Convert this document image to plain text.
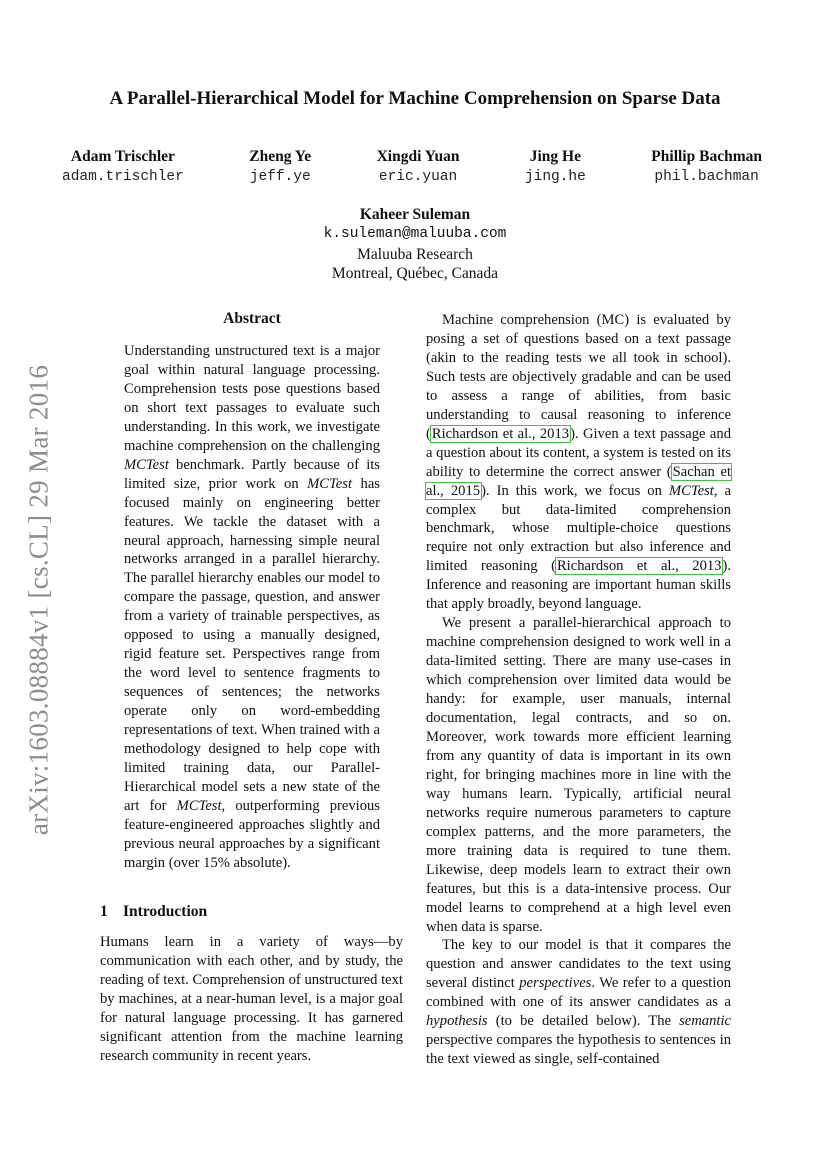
A Parallel-Hierarchical Model for Machine Comprehension on Sparse Data
Adam Trischler
adam.trischler
Zheng Ye
jeff.ye
Xingdi Yuan
eric.yuan
Jing He
jing.he
Phillip Bachman
phil.bachman
Kaheer Suleman
k.suleman@maluuba.com
Maluuba Research
Montreal, Québec, Canada
arXiv:1603.08884v1 [cs.CL] 29 Mar 2016
Abstract
Understanding unstructured text is a major goal within natural language processing. Comprehension tests pose questions based on short text passages to evaluate such understanding. In this work, we investigate machine comprehension on the challenging MCTest benchmark. Partly because of its limited size, prior work on MCTest has focused mainly on engineering better features. We tackle the dataset with a neural approach, harnessing simple neural networks arranged in a parallel hierarchy. The parallel hierarchy enables our model to compare the passage, question, and answer from a variety of trainable perspectives, as opposed to using a manually designed, rigid feature set. Perspectives range from the word level to sentence fragments to sequences of sentences; the networks operate only on word-embedding representations of text. When trained with a methodology designed to help cope with limited training data, our Parallel-Hierarchical model sets a new state of the art for MCTest, outperforming previous feature-engineered approaches slightly and previous neural approaches by a significant margin (over 15% absolute).
1 Introduction
Humans learn in a variety of ways—by communication with each other, and by study, the reading of text. Comprehension of unstructured text by machines, at a near-human level, is a major goal for natural language processing. It has garnered significant attention from the machine learning research community in recent years.

Machine comprehension (MC) is evaluated by posing a set of questions based on a text passage (akin to the reading tests we all took in school). Such tests are objectively gradable and can be used to assess a range of abilities, from basic understanding to causal reasoning to inference (Richardson et al., 2013). Given a text passage and a question about its content, a system is tested on its ability to determine the correct answer (Sachan et al., 2015). In this work, we focus on MCTest, a complex but data-limited comprehension benchmark, whose multiple-choice questions require not only extraction but also inference and limited reasoning (Richardson et al., 2013). Inference and reasoning are important human skills that apply broadly, beyond language.

We present a parallel-hierarchical approach to machine comprehension designed to work well in a data-limited setting. There are many use-cases in which comprehension over limited data would be handy: for example, user manuals, internal documentation, legal contracts, and so on. Moreover, work towards more efficient learning from any quantity of data is important in its own right, for bringing machines more in line with the way humans learn. Typically, artificial neural networks require numerous parameters to capture complex patterns, and the more parameters, the more training data is required to tune them. Likewise, deep models learn to extract their own features, but this is a data-intensive process. Our model learns to comprehend at a high level even when data is sparse.

The key to our model is that it compares the question and answer candidates to the text using several distinct perspectives. We refer to a question combined with one of its answer candidates as a hypothesis (to be detailed below). The semantic perspective compares the hypothesis to sentences in the text viewed as single, self-contained
